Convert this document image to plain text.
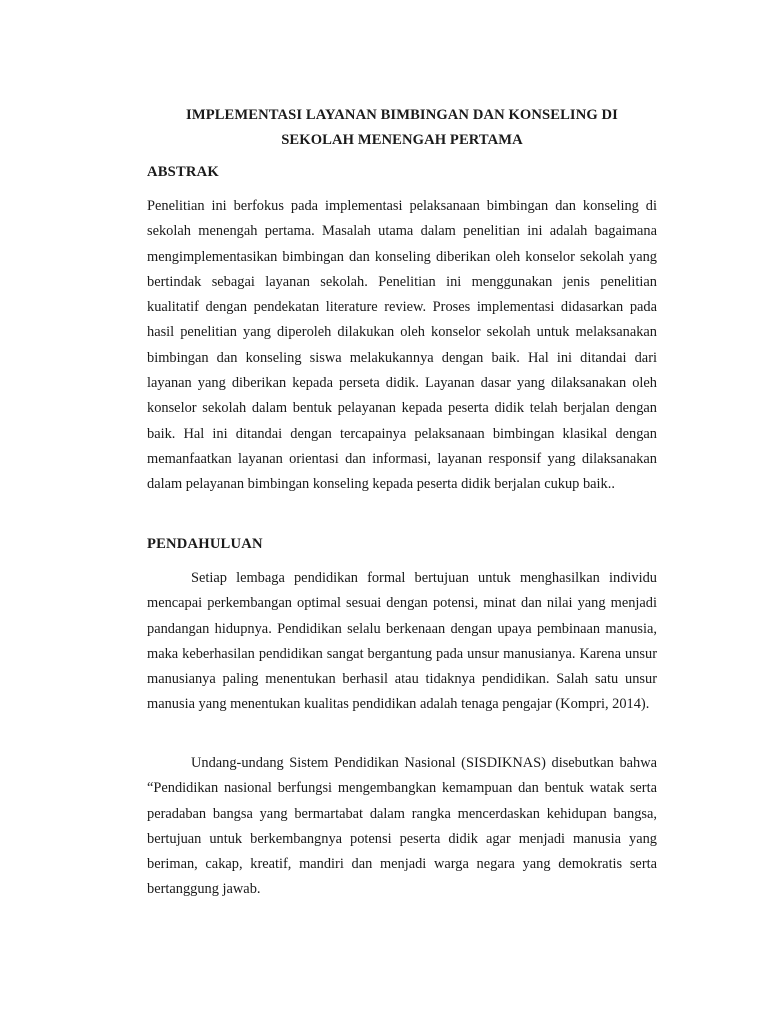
IMPLEMENTASI LAYANAN BIMBINGAN DAN KONSELING DI
SEKOLAH MENENGAH PERTAMA
ABSTRAK

Penelitian ini berfokus pada implementasi pelaksanaan bimbingan dan konseling di sekolah menengah pertama. Masalah utama dalam penelitian ini adalah bagaimana mengimplementasikan bimbingan dan konseling diberikan oleh konselor sekolah yang bertindak sebagai layanan sekolah. Penelitian ini menggunakan jenis penelitian kualitatif dengan pendekatan literature review. Proses implementasi didasarkan pada hasil penelitian yang diperoleh dilakukan oleh konselor sekolah untuk melaksanakan bimbingan dan konseling siswa melakukannya dengan baik. Hal ini ditandai dari layanan yang diberikan kepada perseta didik. Layanan dasar yang dilaksanakan oleh konselor sekolah dalam bentuk pelayanan kepada peserta didik telah berjalan dengan baik. Hal ini ditandai dengan tercapainya pelaksanaan bimbingan klasikal dengan memanfaatkan layanan orientasi dan informasi, layanan responsif yang dilaksanakan dalam pelayanan bimbingan konseling kepada peserta didik berjalan cukup baik..

PENDAHULUAN

Setiap lembaga pendidikan formal bertujuan untuk menghasilkan individu mencapai perkembangan optimal sesuai dengan potensi, minat dan nilai yang menjadi pandangan hidupnya. Pendidikan selalu berkenaan dengan upaya pembinaan manusia, maka keberhasilan pendidikan sangat bergantung pada unsur manusianya. Karena unsur manusianya paling menentukan berhasil atau tidaknya pendidikan. Salah satu unsur manusia yang menentukan kualitas pendidikan adalah tenaga pengajar (Kompri, 2014).

Undang-undang Sistem Pendidikan Nasional (SISDIKNAS) disebutkan bahwa “Pendidikan nasional berfungsi mengembangkan kemampuan dan bentuk watak serta peradaban bangsa yang bermartabat dalam rangka mencerdaskan kehidupan bangsa, bertujuan untuk berkembangnya potensi peserta didik agar menjadi manusia yang beriman, cakap, kreatif, mandiri dan menjadi warga negara yang demokratis serta bertanggung jawab.
